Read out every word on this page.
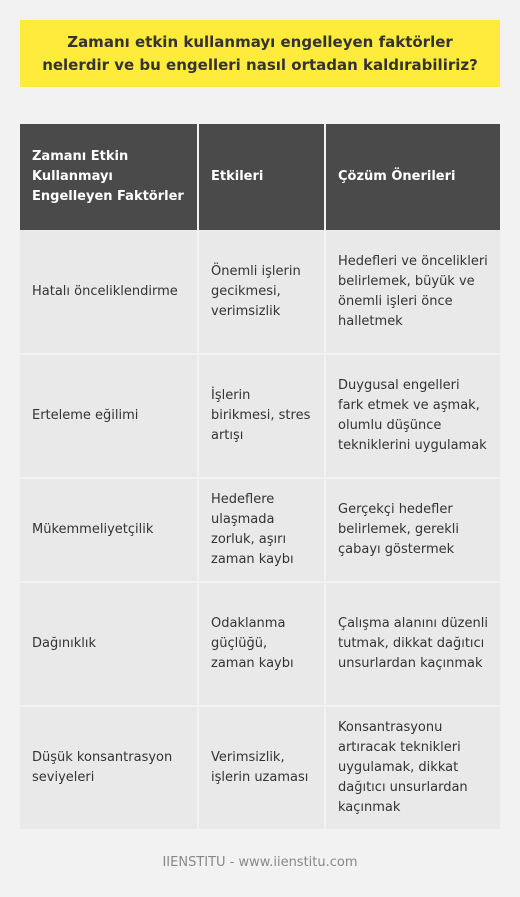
Zamanı etkin kullanmayı engelleyen faktörler nelerdir ve bu engelleri nasıl ortadan kaldırabiliriz?
Zamanı Etkin Kullanmayı Engelleyen Faktörler	Etkileri	Çözüm Önerileri
Hatalı önceliklendirme	Önemli işlerin gecikmesi, verimsizlik	Hedefleri ve öncelikleri belirlemek, büyük ve önemli işleri önce halletmek
Erteleme eğilimi	İşlerin birikmesi, stres artışı	Duygusal engelleri fark etmek ve aşmak, olumlu düşünce tekniklerini uygulamak
Mükemmeliyetçilik	Hedeflere ulaşmada zorluk, aşırı zaman kaybı	Gerçekçi hedefler belirlemek, gerekli çabayı göstermek
Dağınıklık	Odaklanma güçlüğü, zaman kaybı	Çalışma alanını düzenli tutmak, dikkat dağıtıcı unsurlardan kaçınmak
Düşük konsantrasyon seviyeleri	Verimsizlik, işlerin uzaması	Konsantrasyonu artıracak teknikleri uygulamak, dikkat dağıtıcı unsurlardan kaçınmak
IIENSTITU - www.iienstitu.com
